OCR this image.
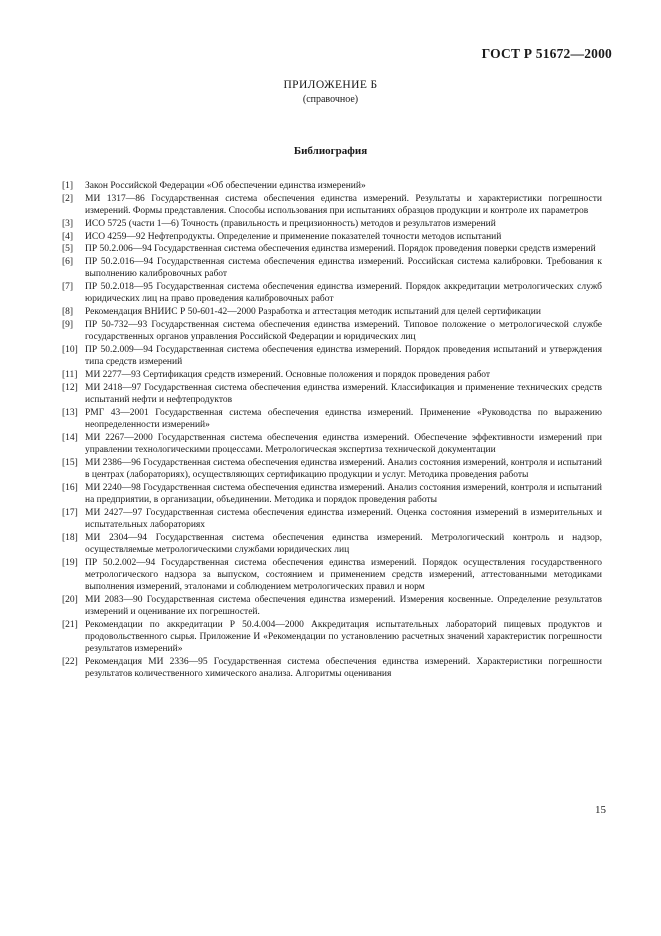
ГОСТ Р 51672—2000
ПРИЛОЖЕНИЕ Б
(справочное)
Библиография
[1] Закон Российской Федерации «Об обеспечении единства измерений»
[2] МИ 1317—86 Государственная система обеспечения единства измерений. Результаты и характеристики погрешности измерений. Формы представления. Способы использования при испытаниях образцов продукции и контроле их параметров
[3] ИСО 5725 (части 1—6) Точность (правильность и прецизионность) методов и результатов измерений
[4] ИСО 4259—92 Нефтепродукты. Определение и применение показателей точности методов испытаний
[5] ПР 50.2.006—94 Государственная система обеспечения единства измерений. Порядок проведения поверки средств измерений
[6] ПР 50.2.016—94 Государственная система обеспечения единства измерений. Российская система калибровки. Требования к выполнению калибровочных работ
[7] ПР 50.2.018—95 Государственная система обеспечения единства измерений. Порядок аккредитации метрологических служб юридических лиц на право проведения калибровочных работ
[8] Рекомендация ВНИИС Р 50-601-42—2000 Разработка и аттестация методик испытаний для целей сертификации
[9] ПР 50-732—93 Государственная система обеспечения единства измерений. Типовое положение о метрологической службе государственных органов управления Российской Федерации и юридических лиц
[10] ПР 50.2.009—94 Государственная система обеспечения единства измерений. Порядок проведения испытаний и утверждения типа средств измерений
[11] МИ 2277—93 Сертификация средств измерений. Основные положения и порядок проведения работ
[12] МИ 2418—97 Государственная система обеспечения единства измерений. Классификация и применение технических средств испытаний нефти и нефтепродуктов
[13] РМГ 43—2001 Государственная система обеспечения единства измерений. Применение «Руководства по выражению неопределенности измерений»
[14] МИ 2267—2000 Государственная система обеспечения единства измерений. Обеспечение эффективности измерений при управлении технологическими процессами. Метрологическая экспертиза технической документации
[15] МИ 2386—96 Государственная система обеспечения единства измерений. Анализ состояния измерений, контроля и испытаний в центрах (лабораториях), осуществляющих сертификацию продукции и услуг. Методика проведения работы
[16] МИ 2240—98 Государственная система обеспечения единства измерений. Анализ состояния измерений, контроля и испытаний на предприятии, в организации, объединении. Методика и порядок проведения работы
[17] МИ 2427—97 Государственная система обеспечения единства измерений. Оценка состояния измерений в измерительных и испытательных лабораториях
[18] МИ 2304—94 Государственная система обеспечения единства измерений. Метрологический контроль и надзор, осуществляемые метрологическими службами юридических лиц
[19] ПР 50.2.002—94 Государственная система обеспечения единства измерений. Порядок осуществления государственного метрологического надзора за выпуском, состоянием и применением средств измерений, аттестованными методиками выполнения измерений, эталонами и соблюдением метрологических правил и норм
[20] МИ 2083—90 Государственная система обеспечения единства измерений. Измерения косвенные. Определение результатов измерений и оценивание их погрешностей.
[21] Рекомендации по аккредитации Р 50.4.004—2000 Аккредитация испытательных лабораторий пищевых продуктов и продовольственного сырья. Приложение И «Рекомендации по установлению расчетных значений характеристик погрешности результатов измерений»
[22] Рекомендация МИ 2336—95 Государственная система обеспечения единства измерений. Характеристики погрешности результатов количественного химического анализа. Алгоритмы оценивания
15
